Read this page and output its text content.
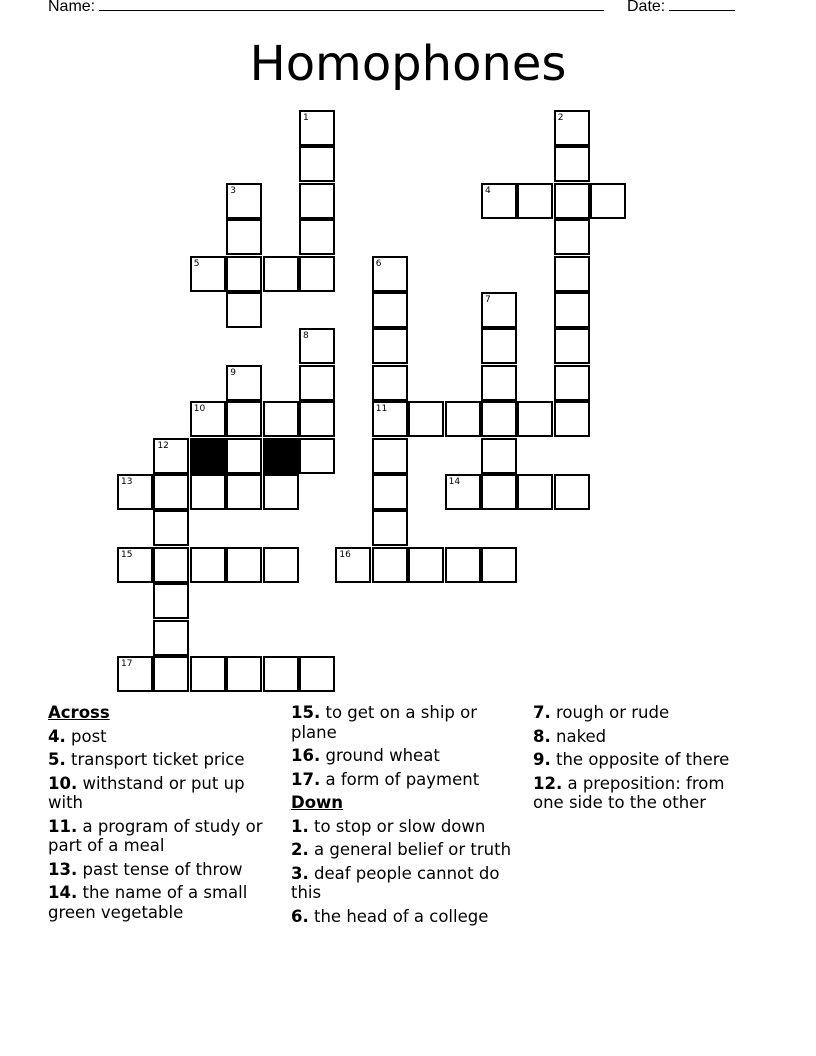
Name:	Date:
Homophones
1	2
3	4
5	6
11
7
8
9
10
12
13	14
15	16
17
Across
4. post
5. transport ticket price
10. withstand or put up with
11. a program of study or part of a meal
13. past tense of throw
14. the name of a small green vegetable
15. to get on a ship or plane
16. ground wheat
17. a form of payment
Down
1. to stop or slow down
2. a general belief or truth
3. deaf people cannot do this
6. the head of a college
7. rough or rude
8. naked
9. the opposite of there
12. a preposition: from one side to the other
